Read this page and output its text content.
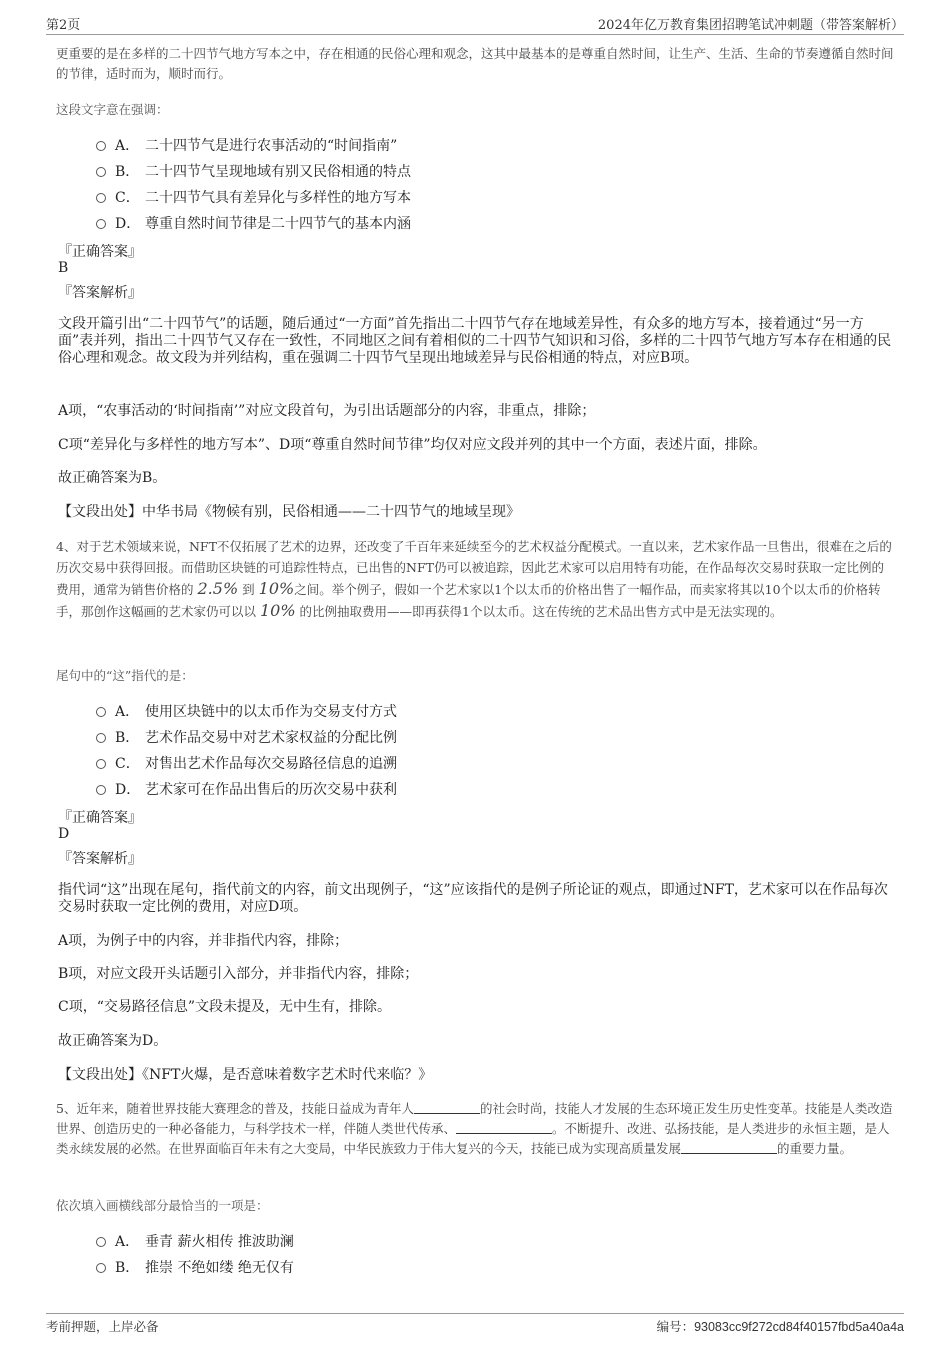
第2页	2024年亿万教育集团招聘笔试冲刺题（带答案解析）
更重要的是在多样的二十四节气地方写本之中，存在相通的民俗心理和观念，这其中最基本的是尊重自然时间，让生产、生活、生命的节奏遵循自然时间的节律，适时而为，顺时而行。
这段文字意在强调：
A． 二十四节气是进行农事活动的“时间指南”
B． 二十四节气呈现地域有别又民俗相通的特点
C． 二十四节气具有差异化与多样性的地方写本
D． 尊重自然时间节律是二十四节气的基本内涵
『正确答案』
B
『答案解析』
文段开篇引出“二十四节气”的话题，随后通过“一方面”首先指出二十四节气存在地域差异性，有众多的地方写本，接着通过“另一方面”表并列，指出二十四节气又存在一致性，不同地区之间有着相似的二十四节气知识和习俗，多样的二十四节气地方写本存在相通的民俗心理和观念。故文段为并列结构，重在强调二十四节气呈现出地域差异与民俗相通的特点，对应B项。
A项，“农事活动的‘时间指南’”对应文段首句，为引出话题部分的内容，非重点，排除；
C项“差异化与多样性的地方写本”、D项“尊重自然时间节律”均仅对应文段并列的其中一个方面，表述片面，排除。
故正确答案为B。
【文段出处】中华书局《物候有别，民俗相通——二十四节气的地域呈现》
4、对于艺术领域来说，NFT不仅拓展了艺术的边界，还改变了千百年来延续至今的艺术权益分配模式。一直以来，艺术家作品一旦售出，很难在之后的历次交易中获得回报。而借助区块链的可追踪性特点，已出售的NFT仍可以被追踪，因此艺术家可以启用特有功能，在作品每次交易时获取一定比例的费用，通常为销售价格的 2.5% 到 10%之间。举个例子，假如一个艺术家以1个以太币的价格出售了一幅作品，而卖家将其以10个以太币的价格转手，那创作这幅画的艺术家仍可以以 10% 的比例抽取费用——即再获得1个以太币。这在传统的艺术品出售方式中是无法实现的。
尾句中的“这”指代的是：
A． 使用区块链中的以太币作为交易支付方式
B． 艺术作品交易中对艺术家权益的分配比例
C． 对售出艺术作品每次交易路径信息的追溯
D． 艺术家可在作品出售后的历次交易中获利
『正确答案』
D
『答案解析』
指代词“这”出现在尾句，指代前文的内容，前文出现例子，“这”应该指代的是例子所论证的观点，即通过NFT，艺术家可以在作品每次交易时获取一定比例的费用，对应D项。
A项，为例子中的内容，并非指代内容，排除；
B项，对应文段开头话题引入部分，并非指代内容，排除；
C项，“交易路径信息”文段未提及，无中生有，排除。
故正确答案为D。
【文段出处】《NFT火爆，是否意味着数字艺术时代来临？》
5、近年来，随着世界技能大赛理念的普及，技能日益成为青年人	的社会时尚，技能人才发展的生态环境正发生历史性变革。技能是人类改造世界、创造历史的一种必备能力，与科学技术一样，伴随人类世代传承、	。不断提升、改进、弘扬技能，是人类进步的永恒主题，是人类永续发展的必然。在世界面临百年未有之大变局，中华民族致力于伟大复兴的今天，技能已成为实现高质量发展	的重要力量。
依次填入画横线部分最恰当的一项是：
A． 垂青 薪火相传 推波助澜
B． 推崇 不绝如缕 绝无仅有
考前押题，上岸必备	编号：93083cc9f272cd84f40157fbd5a40a4a
